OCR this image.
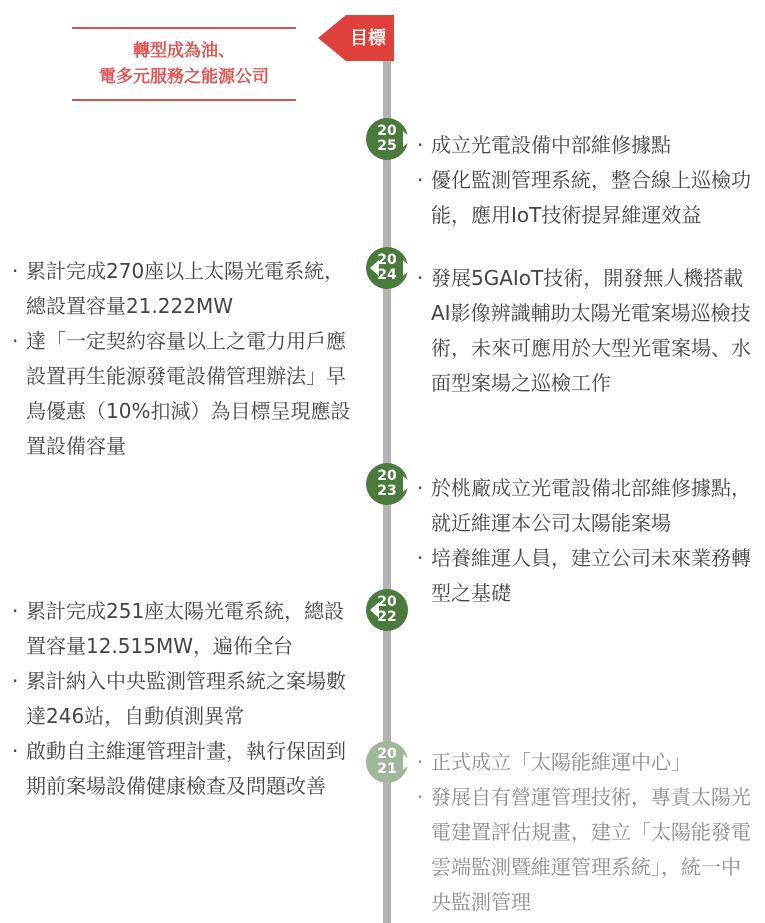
轉型成為油、
電多元服務之能源公司
目標
20
25	· 成立光電設備中部維修據點
· 優化監測管理系統，整合線上巡檢功能，應用IoT技術提昇維運效益
20
24	· 發展5GAIoT技術，開發無人機搭載AI影像辨識輔助太陽光電案場巡檢技術，未來可應用於大型光電案場、水面型案場之巡檢工作
· 累計完成270座以上太陽光電系統，總設置容量21.222MW
· 達「一定契約容量以上之電力用戶應設置再生能源發電設備管理辦法」早鳥優惠（10%扣減）為目標呈現應設置設備容量
20
23	· 於桃廠成立光電設備北部維修據點，就近維運本公司太陽能案場
· 培養維運人員，建立公司未來業務轉型之基礎
20
22
· 累計完成251座太陽光電系統，總設置容量12.515MW，遍佈全台
· 累計納入中央監測管理系統之案場數達246站，自動偵測異常
· 啟動自主維運管理計畫，執行保固到期前案場設備健康檢查及問題改善
20
21	· 正式成立「太陽能維運中心」
· 發展自有營運管理技術，專責太陽光電建置評估規畫，建立「太陽能發電雲端監測暨維運管理系統」，統一中央監測管理
